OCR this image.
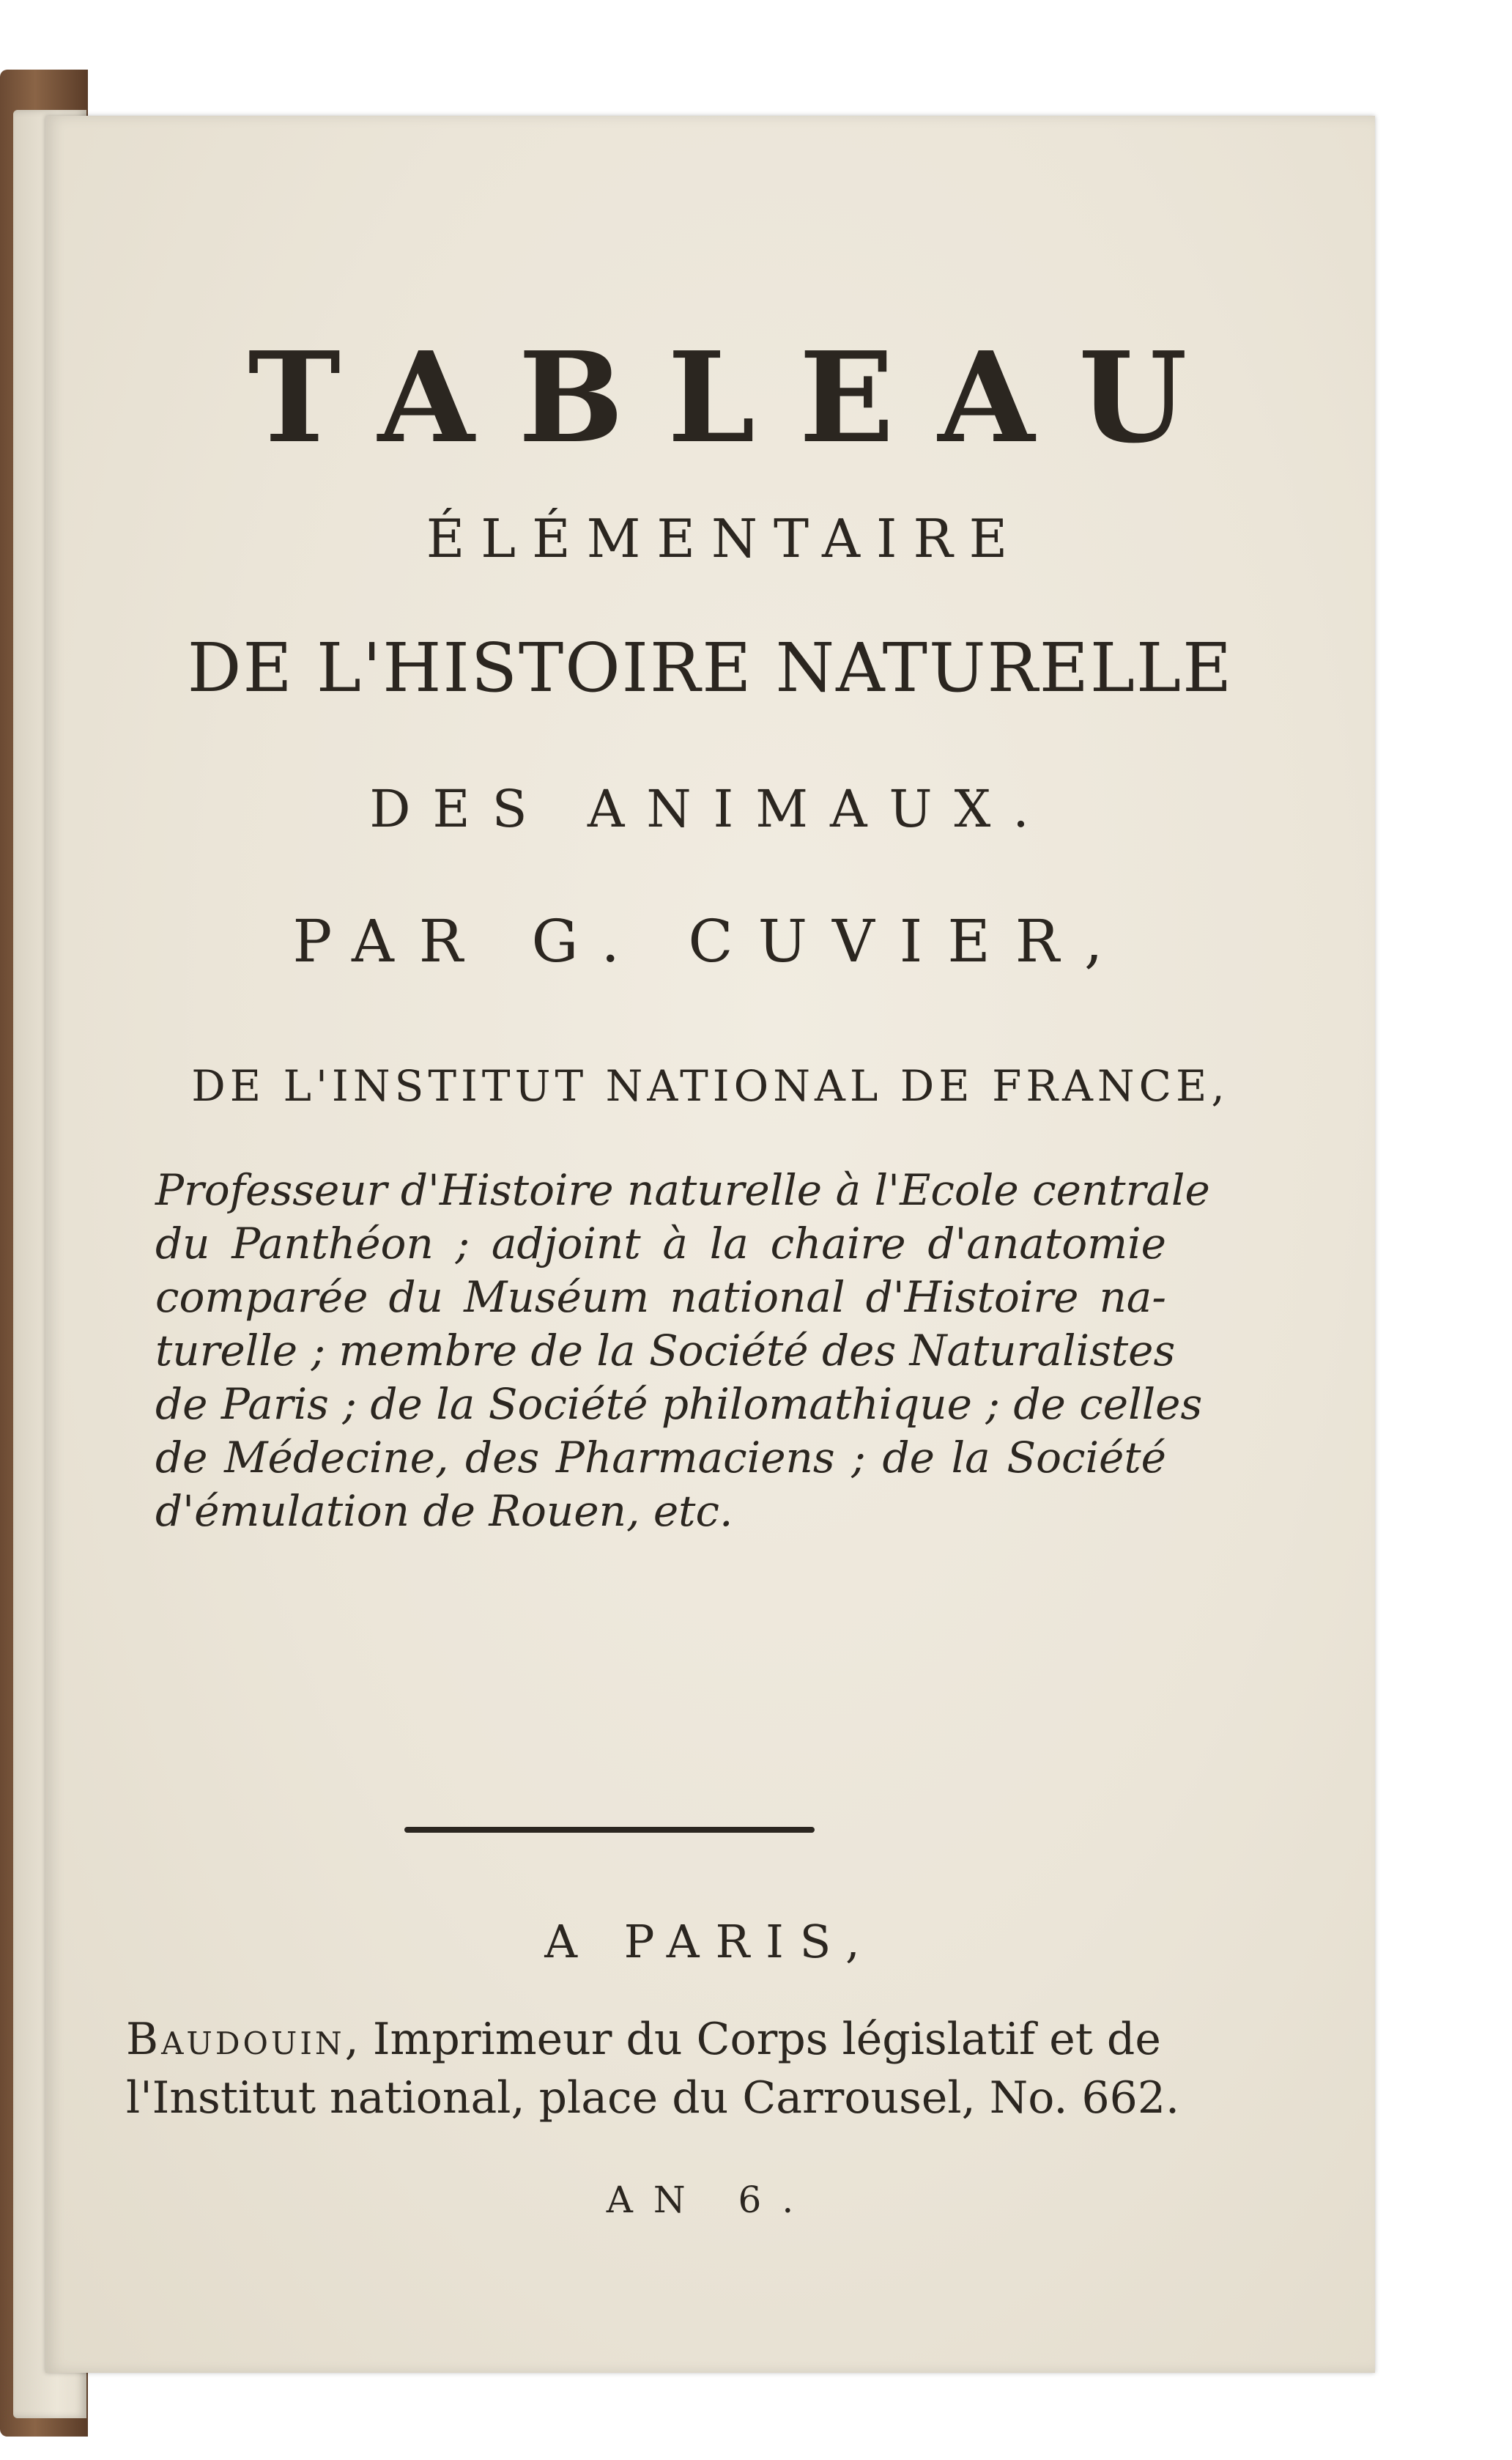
TABLEAU
ÉLÉMENTAIRE
DE L'HISTOIRE NATURELLE
DES ANIMAUX.
PAR G. CUVIER,
DE L'INSTITUT NATIONAL DE FRANCE,
Professeur d'Histoire naturelle à l'Ecole centrale
du Panthéon ; adjoint à la chaire d'anatomie
comparée du Muséum national d'Histoire na-
turelle ; membre de la Société des Naturalistes
de Paris ; de la Société philomathique ; de celles
de Médecine, des Pharmaciens ; de la Société
d'émulation de Rouen, etc.
A PARIS,
Baudouin, Imprimeur du Corps législatif et de
l'Institut national, place du Carrousel, No. 662.
AN 6.
